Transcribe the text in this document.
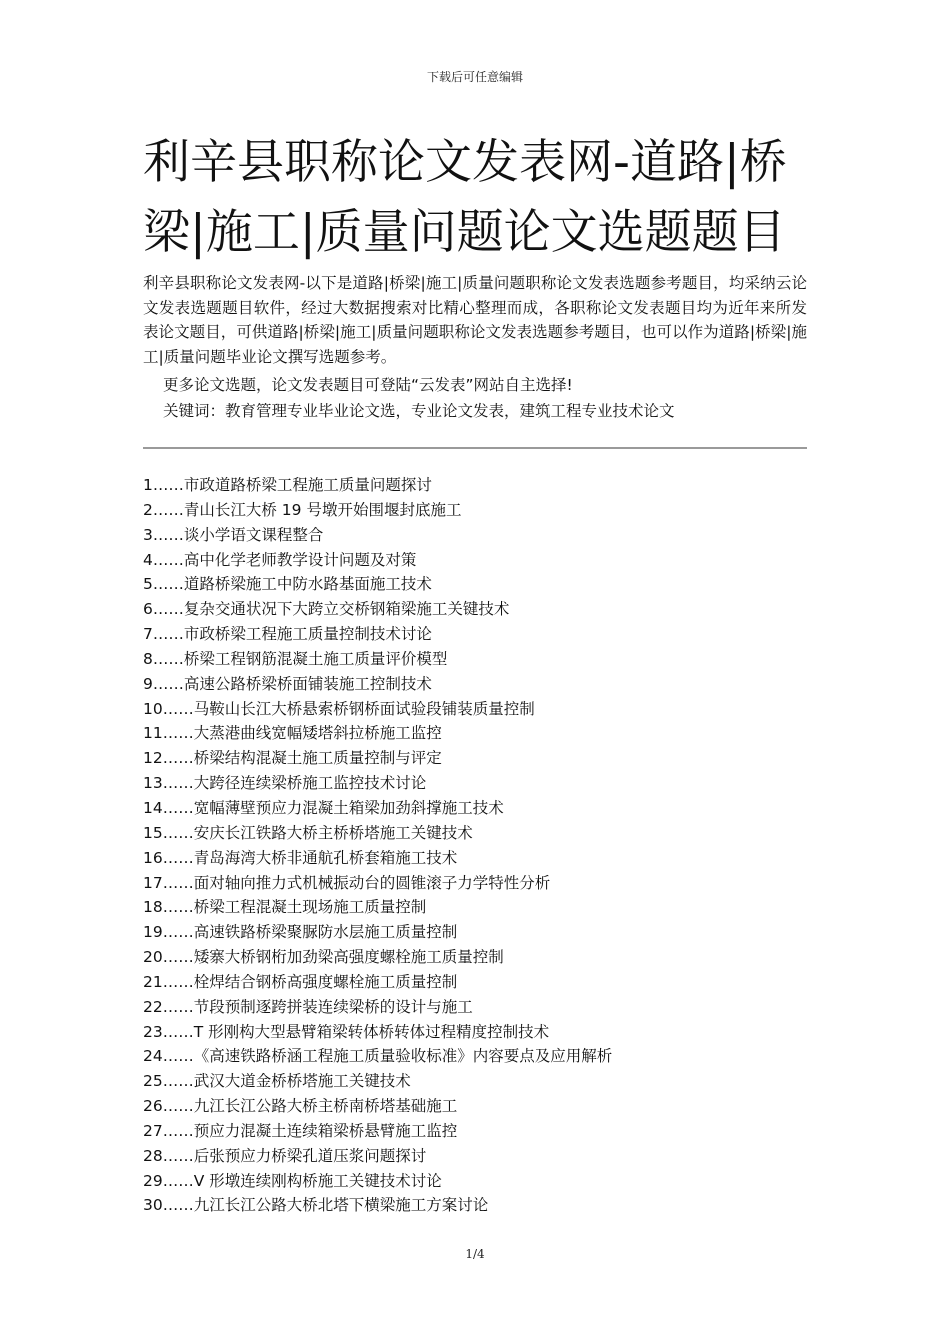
下载后可任意编辑
利辛县职称论文发表网-道路|桥梁|施工|质量问题论文选题题目

利辛县职称论文发表网-以下是道路|桥梁|施工|质量问题职称论文发表选题参考题目，均采纳云论文发表选题题目软件，经过大数据搜索对比精心整理而成，各职称论文发表题目均为近年来所发表论文题目，可供道路|桥梁|施工|质量问题职称论文发表选题参考题目，也可以作为道路|桥梁|施工|质量问题毕业论文撰写选题参考。

更多论文选题，论文发表题目可登陆“云发表”网站自主选择!

关键词：教育管理专业毕业论文选，专业论文发表，建筑工程专业技术论文

1……市政道路桥梁工程施工质量问题探讨
2……青山长江大桥 19 号墩开始围堰封底施工
3……谈小学语文课程整合
4……高中化学老师教学设计问题及对策
5……道路桥梁施工中防水路基面施工技术
6……复杂交通状况下大跨立交桥钢箱梁施工关键技术
7……市政桥梁工程施工质量控制技术讨论
8……桥梁工程钢筋混凝土施工质量评价模型
9……高速公路桥梁桥面铺装施工控制技术
10……马鞍山长江大桥悬索桥钢桥面试验段铺装质量控制
11……大蒸港曲线宽幅矮塔斜拉桥施工监控
12……桥梁结构混凝土施工质量控制与评定
13……大跨径连续梁桥施工监控技术讨论
14……宽幅薄壁预应力混凝土箱梁加劲斜撑施工技术
15……安庆长江铁路大桥主桥桥塔施工关键技术
16……青岛海湾大桥非通航孔桥套箱施工技术
17……面对轴向推力式机械振动台的圆锥滚子力学特性分析
18……桥梁工程混凝土现场施工质量控制
19……高速铁路桥梁聚脲防水层施工质量控制
20……矮寨大桥钢桁加劲梁高强度螺栓施工质量控制
21……栓焊结合钢桥高强度螺栓施工质量控制
22……节段预制逐跨拼装连续梁桥的设计与施工
23……T 形刚构大型悬臂箱梁转体桥转体过程精度控制技术
24……《高速铁路桥涵工程施工质量验收标准》内容要点及应用解析
25……武汉大道金桥桥塔施工关键技术
26……九江长江公路大桥主桥南桥塔基础施工
27……预应力混凝土连续箱梁桥悬臂施工监控
28……后张预应力桥梁孔道压浆问题探讨
29……V 形墩连续刚构桥施工关键技术讨论
30……九江长江公路大桥北塔下横梁施工方案讨论
1/4
